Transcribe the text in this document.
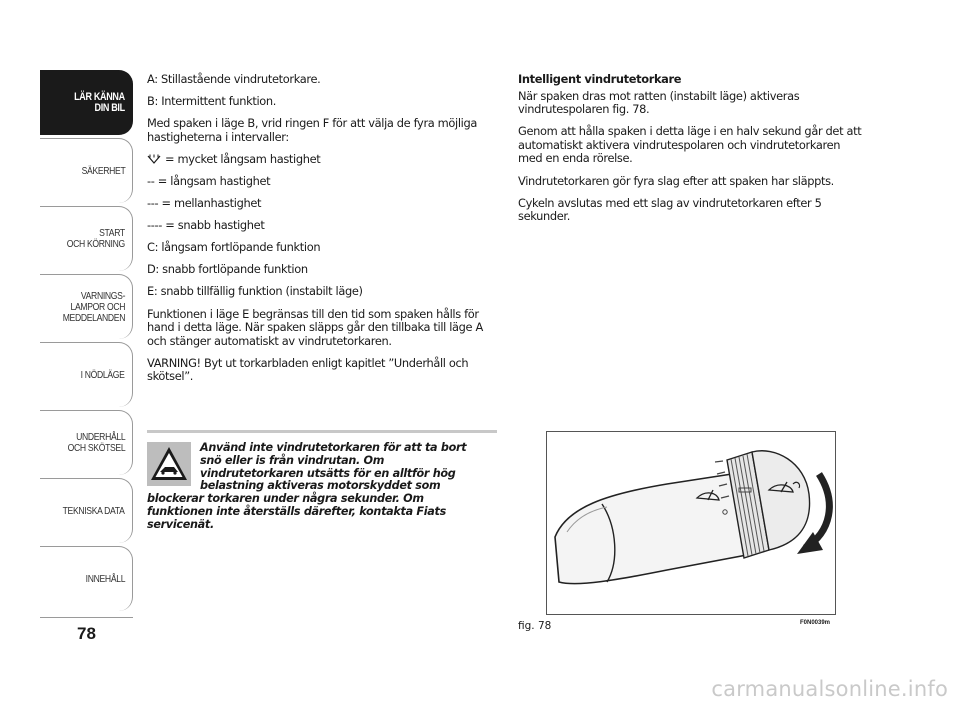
LÄR KÄNNA
DIN BIL
SÄKERHET
START
OCH KÖRNING
VARNINGS-
LAMPOR OCH
MEDDELANDEN
I NÖDLÄGE
UNDERHÅLL
OCH SKÖTSEL
TEKNISKA DATA
INNEHÅLL
78

A: Stillastående vindrutetorkare.

B: Intermittent funktion.

Med spaken i läge B, vrid ringen F för att välja de fyra möjliga hastigheterna i intervaller:

= mycket långsam hastighet

-- = långsam hastighet

--- = mellanhastighet

---- = snabb hastighet

C: långsam fortlöpande funktion

D: snabb fortlöpande funktion

E: snabb tillfällig funktion (instabilt läge)

Funktionen i läge E begränsas till den tid som spaken hålls för hand i detta läge. När spaken släpps går den tillbaka till läge A och stänger automatiskt av vindrutetorkaren.

VARNING! Byt ut torkarbladen enligt kapitlet ”Underhåll och skötsel”.

Använd inte vindrutetorkaren för att ta bort snö eller is från vindrutan. Om vindrutetorkaren utsätts för en alltför hög belastning aktiveras motorskyddet som blockerar torkaren under några sekunder. Om funktionen inte återställs därefter, kontakta Fiats servicenät.

Intelligent vindrutetorkare

När spaken dras mot ratten (instabilt läge) aktiveras vindrutespolaren fig. 78.

Genom att hålla spaken i detta läge i en halv sekund går det att automatiskt aktivera vindrutespolaren och vindrutetorkaren med en enda rörelse.

Vindrutetorkaren gör fyra slag efter att spaken har släppts.

Cykeln avslutas med ett slag av vindrutetorkaren efter 5 sekunder.

fig. 78	F0N0039m
carmanualsonline.info
